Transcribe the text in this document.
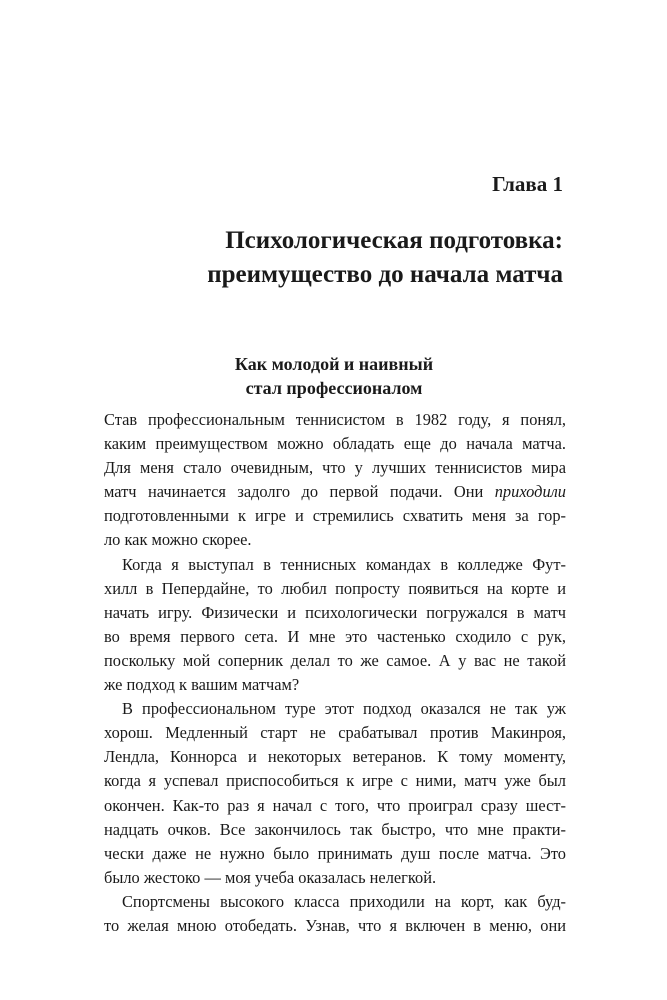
Глава 1
Психологическая подготовка:
преимущество до начала матча
Как молодой и наивный
стал профессионалом
Став профессиональным теннисистом в 1982 году, я понял,
каким преимуществом можно обладать еще до начала матча.
Для меня стало очевидным, что у лучших теннисистов мира
матч начинается задолго до первой подачи. Они приходили
подготовленными к игре и стремились схватить меня за гор-
ло как можно скорее.
Когда я выступал в теннисных командах в колледже Фут-
хилл в Пепердайне, то любил попросту появиться на корте и
начать игру. Физически и психологически погружался в матч
во время первого сета. И мне это частенько сходило с рук,
поскольку мой соперник делал то же самое. А у вас не такой
же подход к вашим матчам?
В профессиональном туре этот подход оказался не так уж
хорош. Медленный старт не срабатывал против Макинроя,
Лендла, Коннорса и некоторых ветеранов. К тому моменту,
когда я успевал приспособиться к игре с ними, матч уже был
окончен. Как-то раз я начал с того, что проиграл сразу шест-
надцать очков. Все закончилось так быстро, что мне практи-
чески даже не нужно было принимать душ после матча. Это
было жестоко — моя учеба оказалась нелегкой.
Спортсмены высокого класса приходили на корт, как буд-
то желая мною отобедать. Узнав, что я включен в меню, они
